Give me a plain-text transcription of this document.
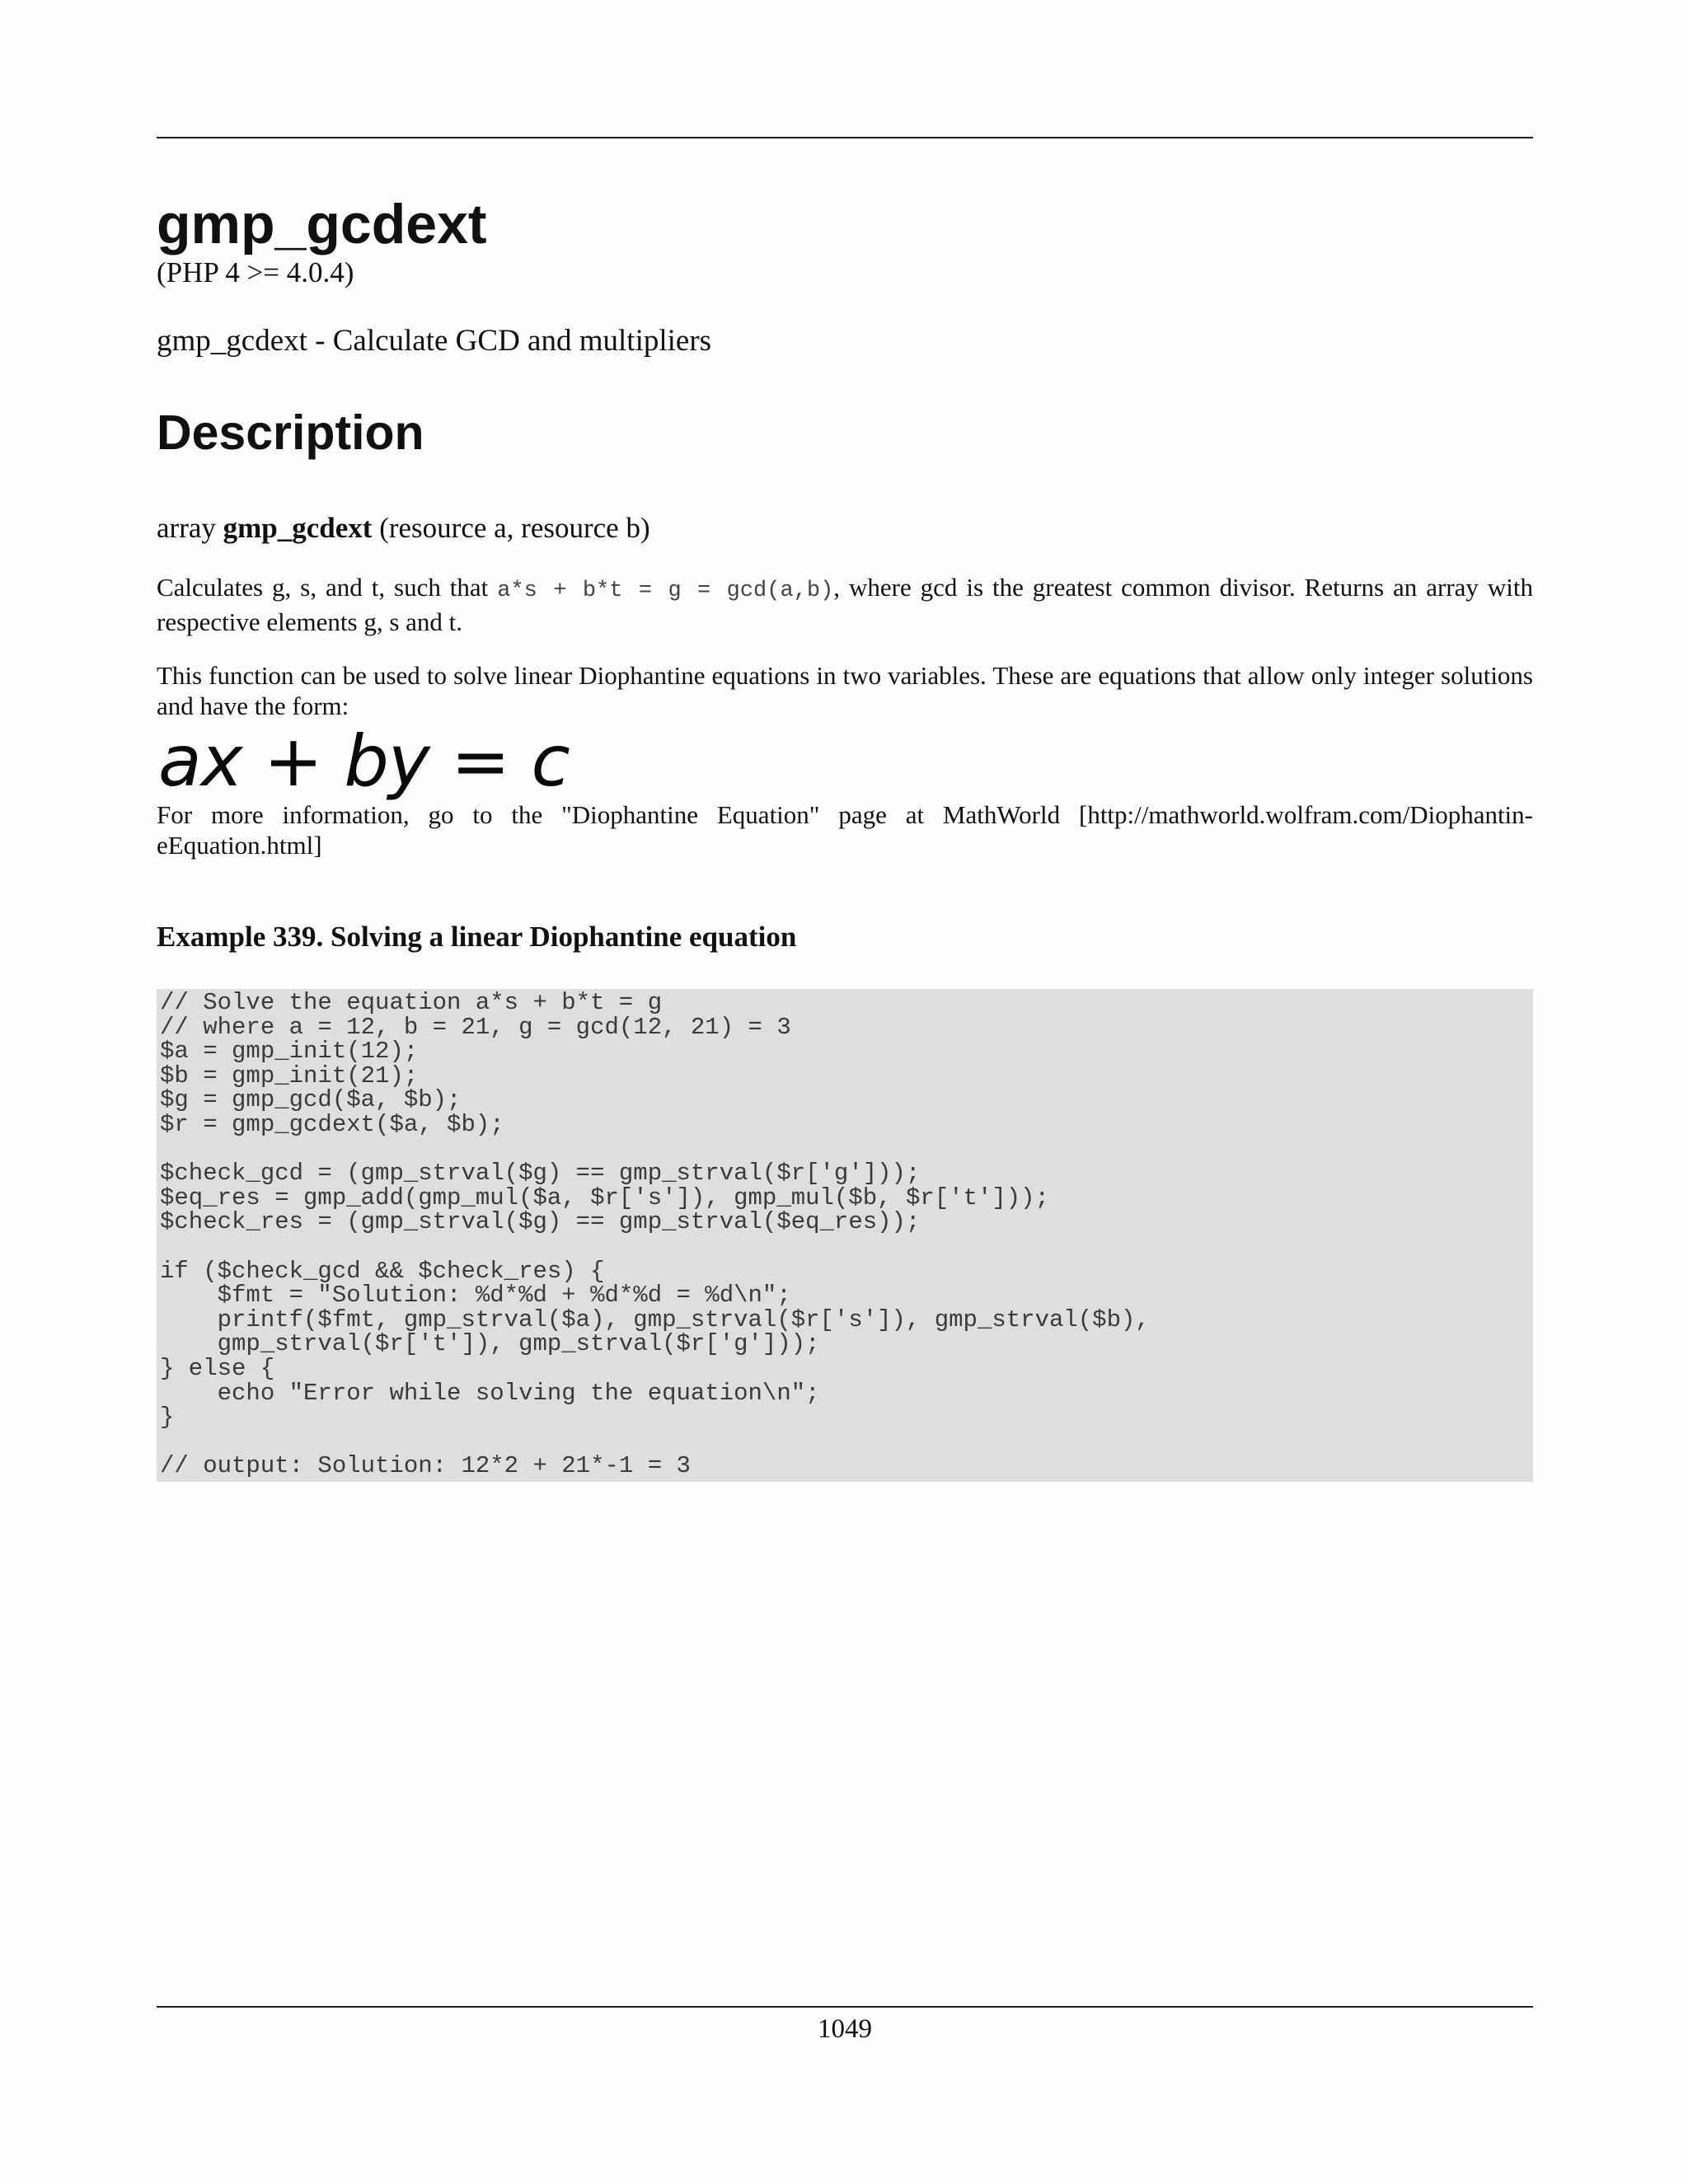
gmp_gcdext
(PHP 4 >= 4.0.4)
gmp_gcdext - Calculate GCD and multipliers
Description
array gmp_gcdext (resource a, resource b)
Calculates g, s, and t, such that a*s + b*t = g = gcd(a,b), where gcd is the greatest common divisor. Returns an array with respective elements g, s and t.
This function can be used to solve linear Diophantine equations in two variables. These are equations that allow only integer solutions and have the form:
ax + by = c
For more information, go to the "Diophantine Equation" page at MathWorld [http://mathworld.wolfram.com/Diophantin-eEquation.html]
Example 339. Solving a linear Diophantine equation
// Solve the equation a*s + b*t = g
// where a = 12, b = 21, g = gcd(12, 21) = 3
$a = gmp_init(12);
$b = gmp_init(21);
$g = gmp_gcd($a, $b);
$r = gmp_gcdext($a, $b);

$check_gcd = (gmp_strval($g) == gmp_strval($r['g']));
$eq_res = gmp_add(gmp_mul($a, $r['s']), gmp_mul($b, $r['t']));
$check_res = (gmp_strval($g) == gmp_strval($eq_res));

if ($check_gcd && $check_res) {
$fmt = "Solution: %d*%d + %d*%d = %d\n";
printf($fmt, gmp_strval($a), gmp_strval($r['s']), gmp_strval($b),
gmp_strval($r['t']), gmp_strval($r['g']));
} else {
echo "Error while solving the equation\n";
}

// output: Solution: 12*2 + 21*-1 = 3
1049
